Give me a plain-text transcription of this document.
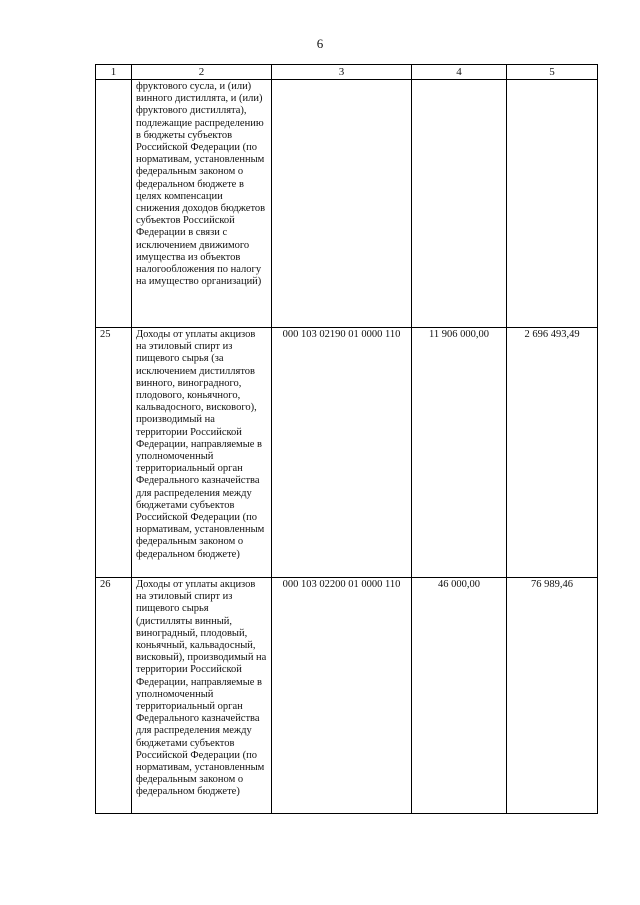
6
1	2	3	4	5
	фруктового сусла, и (или) винного дистиллята, и (или) фруктового дистиллята), подлежащие распределению в бюджеты субъектов Российской Федерации (по нормативам, установленным федеральным законом о федеральном бюджете в целях компенсации снижения доходов бюджетов субъектов Российской Федерации в связи с исключением движимого имущества из объектов налогообложения по налогу на имущество организаций)			
25	Доходы от уплаты акцизов на этиловый спирт из пищевого сырья (за исключением дистиллятов винного, виноградного, плодового, коньячного, кальвадосного, вискового), производимый на территории Российской Федерации, направляемые в уполномоченный территориальный орган Федерального казначейства для распределения между бюджетами субъектов Российской Федерации (по нормативам, установленным федеральным законом о федеральном бюджете)	000 103 02190 01 0000 110	11 906 000,00	2 696 493,49
26	Доходы от уплаты акцизов на этиловый спирт из пищевого сырья (дистилляты винный, виноградный, плодовый, коньячный, кальвадосный, висковый), производимый на территории Российской Федерации, направляемые в уполномоченный территориальный орган Федерального казначейства для распределения между бюджетами субъектов Российской Федерации (по нормативам, установленным федеральным законом о федеральном бюджете)	000 103 02200 01 0000 110	46 000,00	76 989,46
